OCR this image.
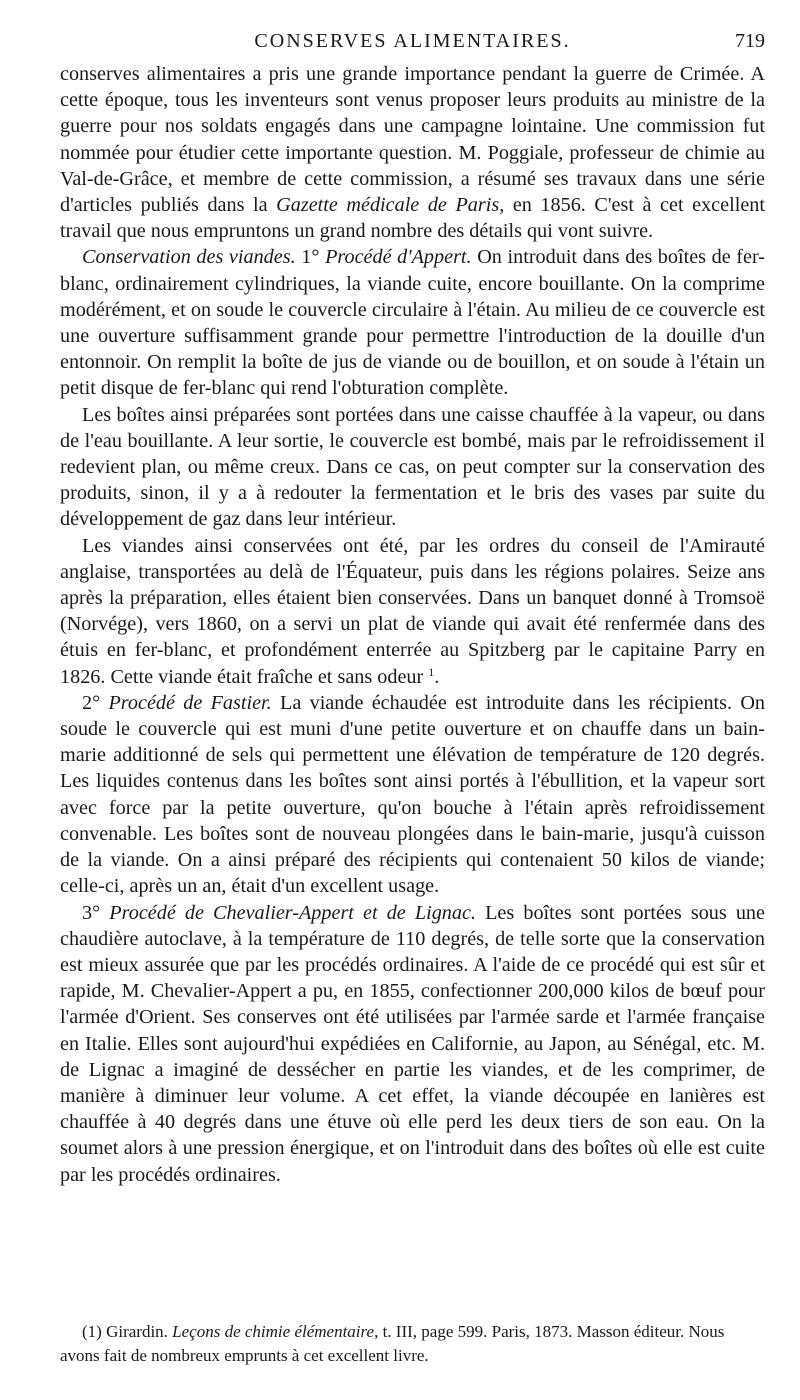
CONSERVES ALIMENTAIRES.	719

conserves alimentaires a pris une grande importance pendant la guerre de Crimée. A cette époque, tous les inventeurs sont venus proposer leurs produits au ministre de la guerre pour nos soldats engagés dans une campagne lointaine. Une commission fut nommée pour étudier cette importante question. M. Poggiale, professeur de chimie au Val-de-Grâce, et membre de cette commission, a résumé ses travaux dans une série d'articles publiés dans la Gazette médicale de Paris, en 1856. C'est à cet excellent travail que nous empruntons un grand nombre des détails qui vont suivre.

Conservation des viandes. 1° Procédé d'Appert. On introduit dans des boîtes de fer-blanc, ordinairement cylindriques, la viande cuite, encore bouillante. On la comprime modérément, et on soude le couvercle circulaire à l'étain. Au milieu de ce couvercle est une ouverture suffisamment grande pour permettre l'introduction de la douille d'un entonnoir. On remplit la boîte de jus de viande ou de bouillon, et on soude à l'étain un petit disque de fer-blanc qui rend l'obturation complète.

Les boîtes ainsi préparées sont portées dans une caisse chauffée à la vapeur, ou dans de l'eau bouillante. A leur sortie, le couvercle est bombé, mais par le refroidissement il redevient plan, ou même creux. Dans ce cas, on peut compter sur la conservation des produits, sinon, il y a à redouter la fermentation et le bris des vases par suite du développement de gaz dans leur intérieur.

Les viandes ainsi conservées ont été, par les ordres du conseil de l'Amirauté anglaise, transportées au delà de l'Équateur, puis dans les régions polaires. Seize ans après la préparation, elles étaient bien conservées. Dans un banquet donné à Tromsoë (Norvége), vers 1860, on a servi un plat de viande qui avait été renfermée dans des étuis en fer-blanc, et profondément enterrée au Spitzberg par le capitaine Parry en 1826. Cette viande était fraîche et sans odeur $^1$.

2° Procédé de Fastier. La viande échaudée est introduite dans les récipients. On soude le couvercle qui est muni d'une petite ouverture et on chauffe dans un bain-marie additionné de sels qui permettent une élévation de température de 120 degrés. Les liquides contenus dans les boîtes sont ainsi portés à l'ébullition, et la vapeur sort avec force par la petite ouverture, qu'on bouche à l'étain après refroidissement convenable. Les boîtes sont de nouveau plongées dans le bain-marie, jusqu'à cuisson de la viande. On a ainsi préparé des récipients qui contenaient 50 kilos de viande; celle-ci, après un an, était d'un excellent usage.

3° Procédé de Chevalier-Appert et de Lignac. Les boîtes sont portées sous une chaudière autoclave, à la température de 110 degrés, de telle sorte que la conservation est mieux assurée que par les procédés ordinaires. A l'aide de ce procédé qui est sûr et rapide, M. Chevalier-Appert a pu, en 1855, confectionner 200,000 kilos de bœuf pour l'armée d'Orient. Ses conserves ont été utilisées par l'armée sarde et l'armée française en Italie. Elles sont aujourd'hui expédiées en Californie, au Japon, au Sénégal, etc. M. de Lignac a imaginé de dessécher en partie les viandes, et de les comprimer, de manière à diminuer leur volume. A cet effet, la viande découpée en lanières est chauffée à 40 degrés dans une étuve où elle perd les deux tiers de son eau. On la soumet alors à une pression énergique, et on l'introduit dans des boîtes où elle est cuite par les procédés ordinaires.

(1) Girardin. Leçons de chimie élémentaire, t. III, page 599. Paris, 1873. Masson éditeur. Nous avons fait de nombreux emprunts à cet excellent livre.
